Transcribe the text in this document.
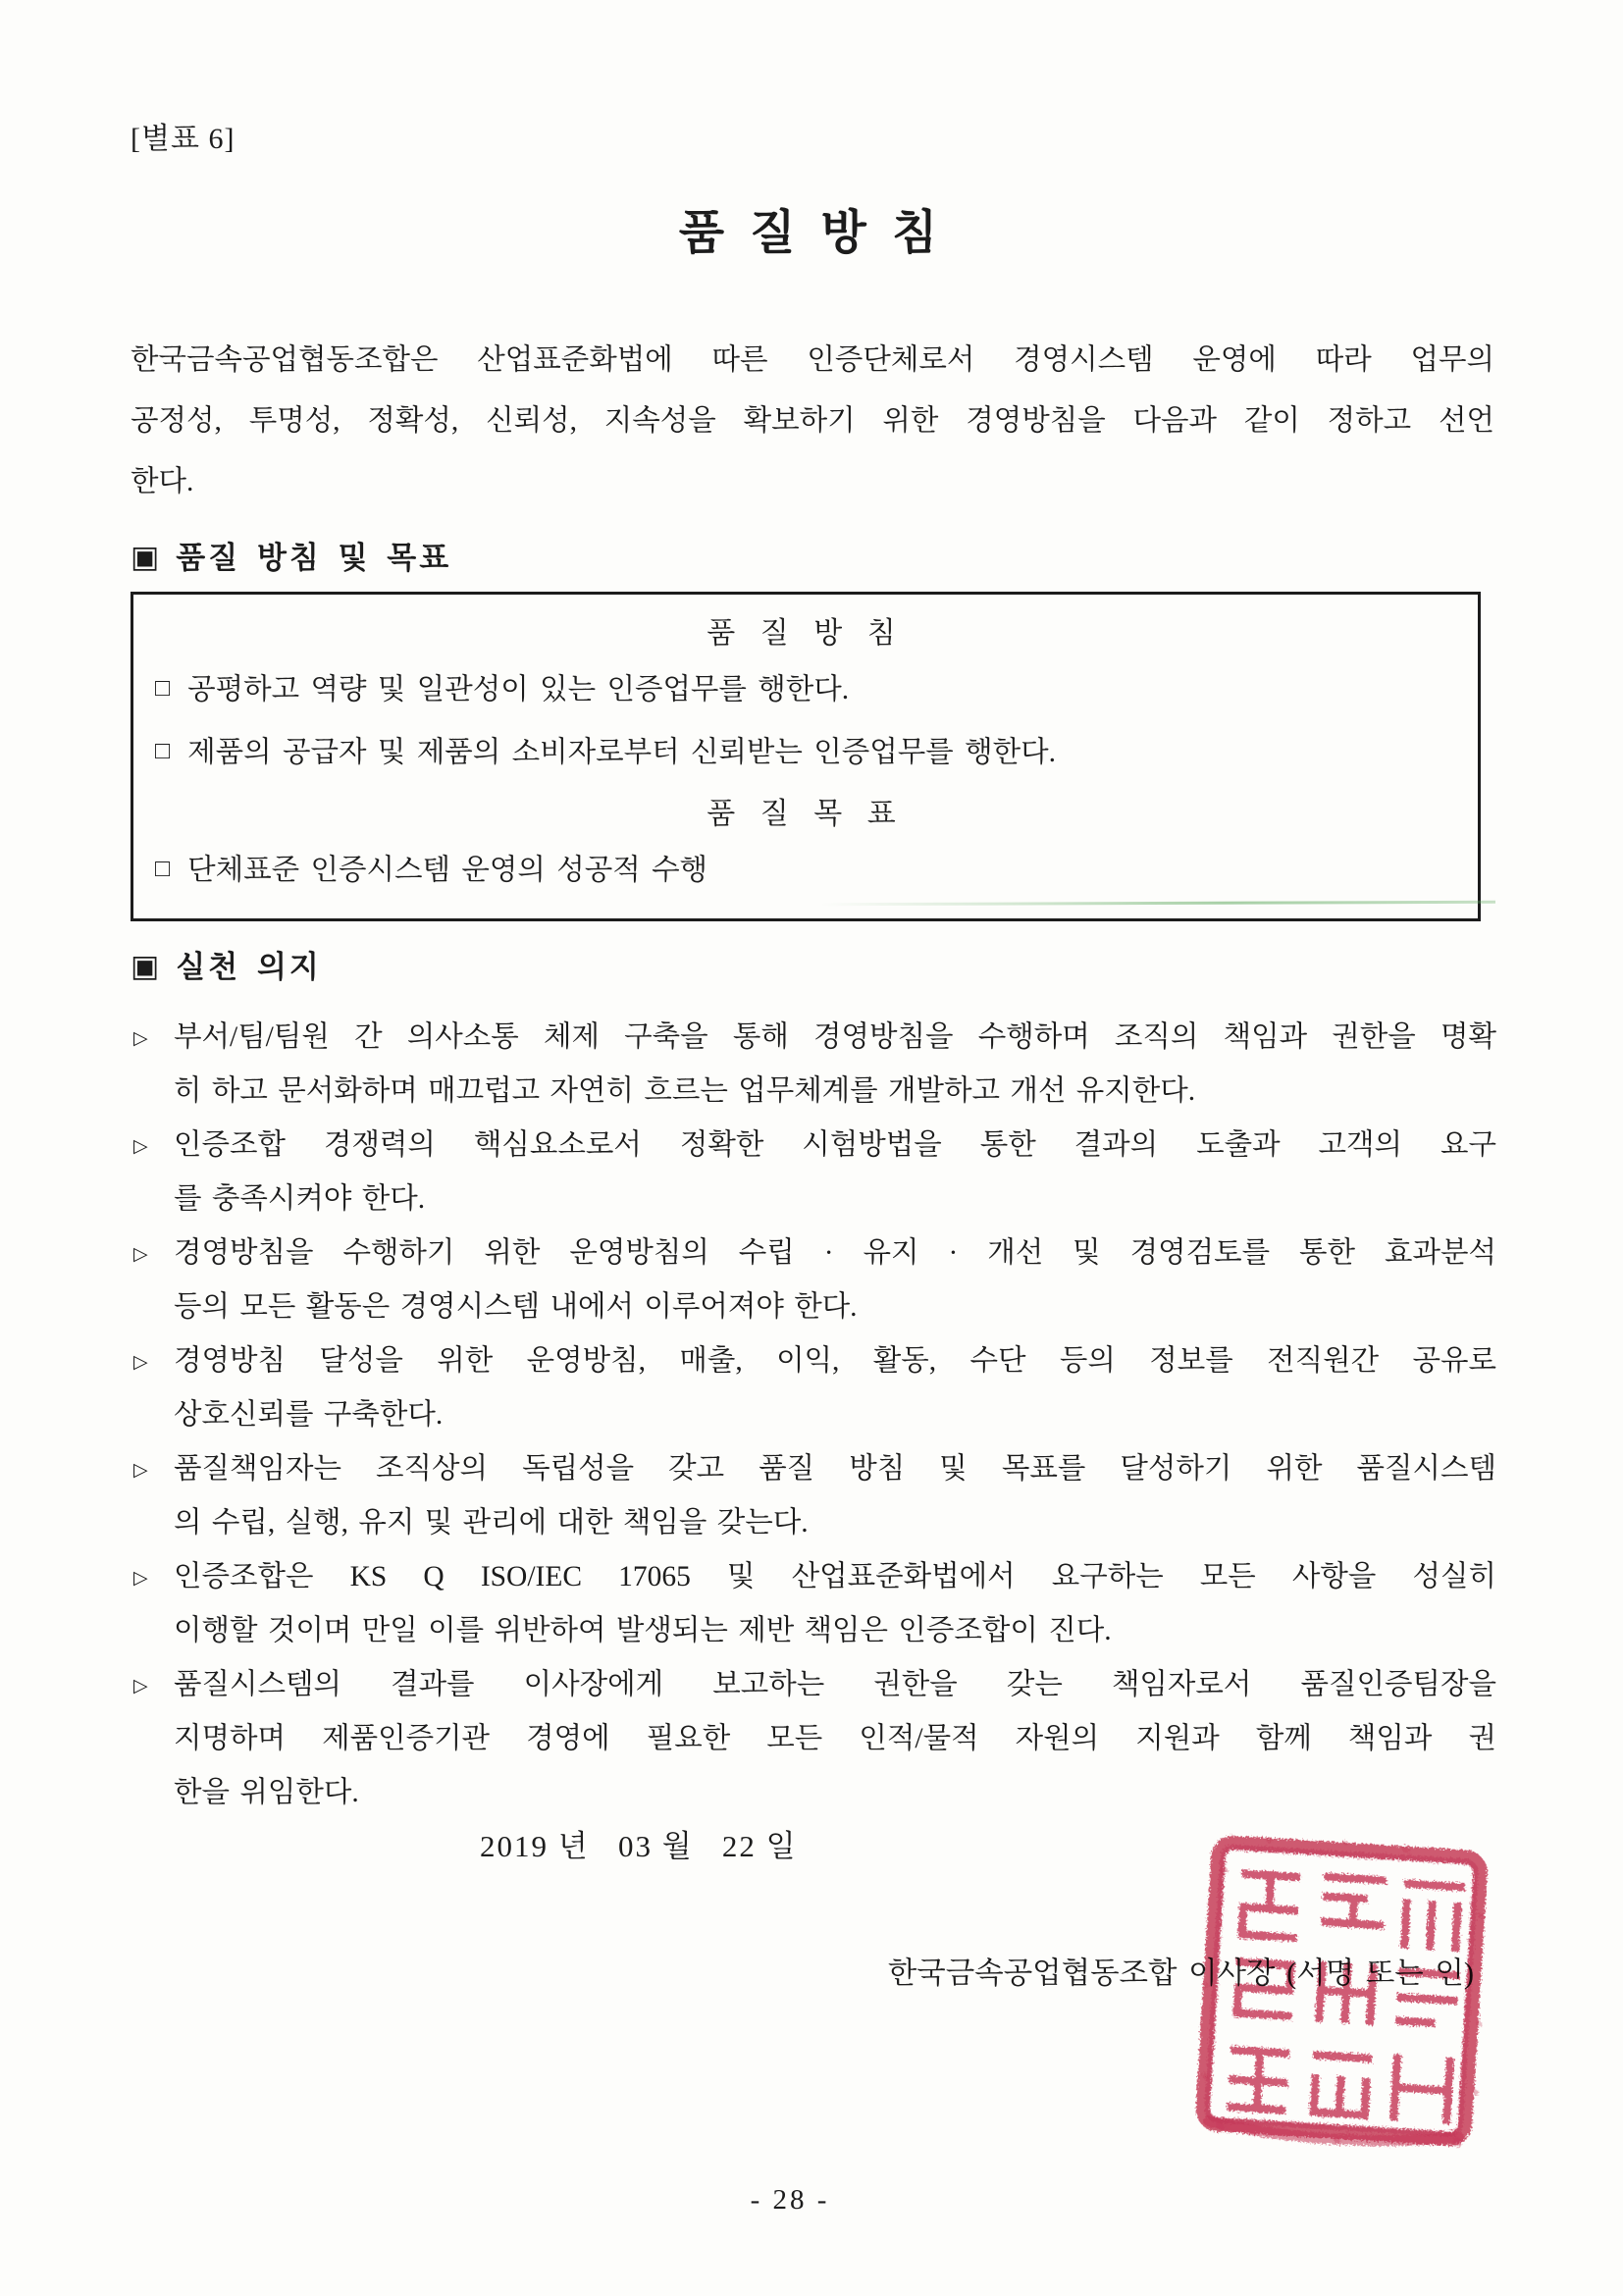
[별표 6]
품 질 방 침
한국금속공업협동조합은 산업표준화법에 따른 인증단체로서 경영시스템 운영에 따라 업무의
공정성, 투명성, 정확성, 신뢰성, 지속성을 확보하기 위한 경영방침을 다음과 같이 정하고 선언
한다.
▣ 품질 방침 및 목표
품 질 방 침
□ 공평하고 역량 및 일관성이 있는 인증업무를 행한다.
□ 제품의 공급자 및 제품의 소비자로부터 신뢰받는 인증업무를 행한다.
품 질 목 표
□ 단체표준 인증시스템 운영의 성공적 수행
▣ 실천 의지
▷ 부서/팀/팀원 간 의사소통 체제 구축을 통해 경영방침을 수행하며 조직의 책임과 권한을 명확
히 하고 문서화하며 매끄럽고 자연히 흐르는 업무체계를 개발하고 개선 유지한다.
▷ 인증조합 경쟁력의 핵심요소로서 정확한 시험방법을 통한 결과의 도출과 고객의 요구
를 충족시켜야 한다.
▷ 경영방침을 수행하기 위한 운영방침의 수립 · 유지 · 개선 및 경영검토를 통한 효과분석
등의 모든 활동은 경영시스템 내에서 이루어져야 한다.
▷ 경영방침 달성을 위한 운영방침, 매출, 이익, 활동, 수단 등의 정보를 전직원간 공유로
상호신뢰를 구축한다.
▷ 품질책임자는 조직상의 독립성을 갖고 품질 방침 및 목표를 달성하기 위한 품질시스템
의 수립, 실행, 유지 및 관리에 대한 책임을 갖는다.
▷ 인증조합은 KS Q ISO/IEC 17065 및 산업표준화법에서 요구하는 모든 사항을 성실히
이행할 것이며 만일 이를 위반하여 발생되는 제반 책임은 인증조합이 진다.
▷ 품질시스템의 결과를 이사장에게 보고하는 권한을 갖는 책임자로서 품질인증팀장을
지명하며 제품인증기관 경영에 필요한 모든 인적/물적 자원의 지원과 함께 책임과 권
한을 위임한다.
2019 년   03 월   22 일
한국금속공업협동조합 이사장 (서명 또는 인)
- 28 -
